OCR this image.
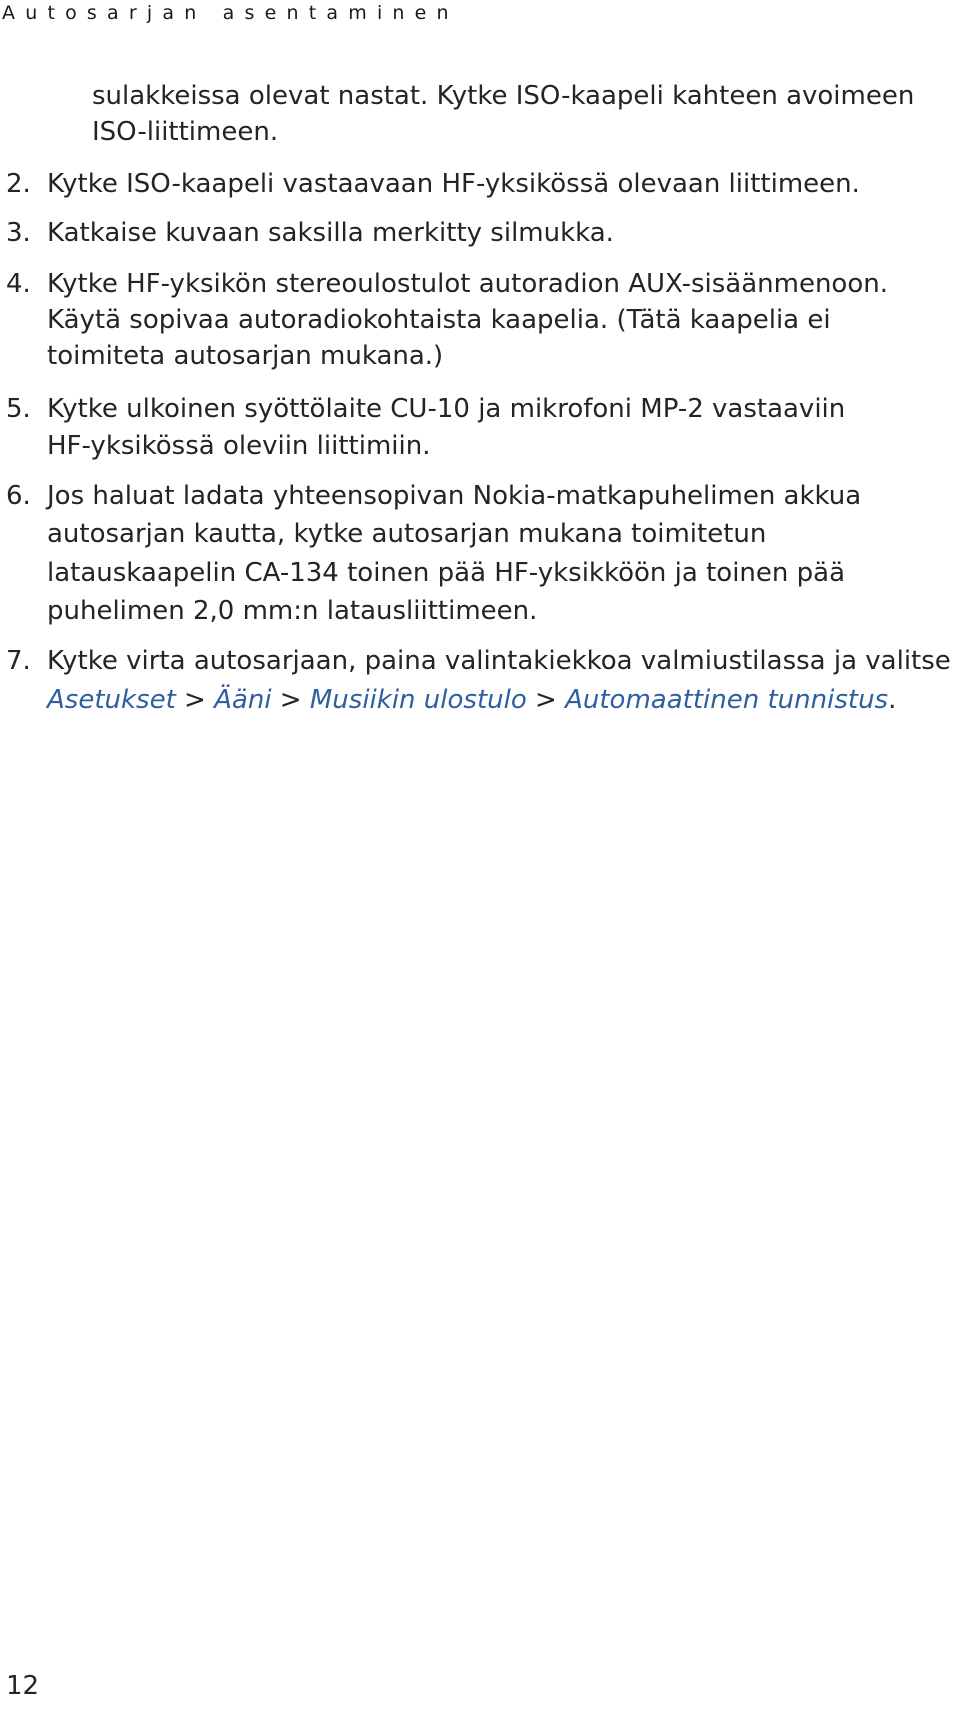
Autosarjan asentaminen
sulakkeissa olevat nastat. Kytke ISO-kaapeli kahteen avoimeen
ISO-liittimeen.
2. Kytke ISO-kaapeli vastaavaan HF-yksikössä olevaan liittimeen.
3. Katkaise kuvaan saksilla merkitty silmukka.
4. Kytke HF-yksikön stereoulostulot autoradion AUX-sisäänmenoon.
Käytä sopivaa autoradiokohtaista kaapelia. (Tätä kaapelia ei
toimiteta autosarjan mukana.)
5. Kytke ulkoinen syöttölaite CU-10 ja mikrofoni MP-2 vastaaviin
HF-yksikössä oleviin liittimiin.
6. Jos haluat ladata yhteensopivan Nokia-matkapuhelimen akkua
autosarjan kautta, kytke autosarjan mukana toimitetun
latauskaapelin CA-134 toinen pää HF-yksikköön ja toinen pää
puhelimen 2,0 mm:n latausliittimeen.
7. Kytke virta autosarjaan, paina valintakiekkoa valmiustilassa ja valitse
Asetukset > Ääni > Musiikin ulostulo > Automaattinen tunnistus.
12
